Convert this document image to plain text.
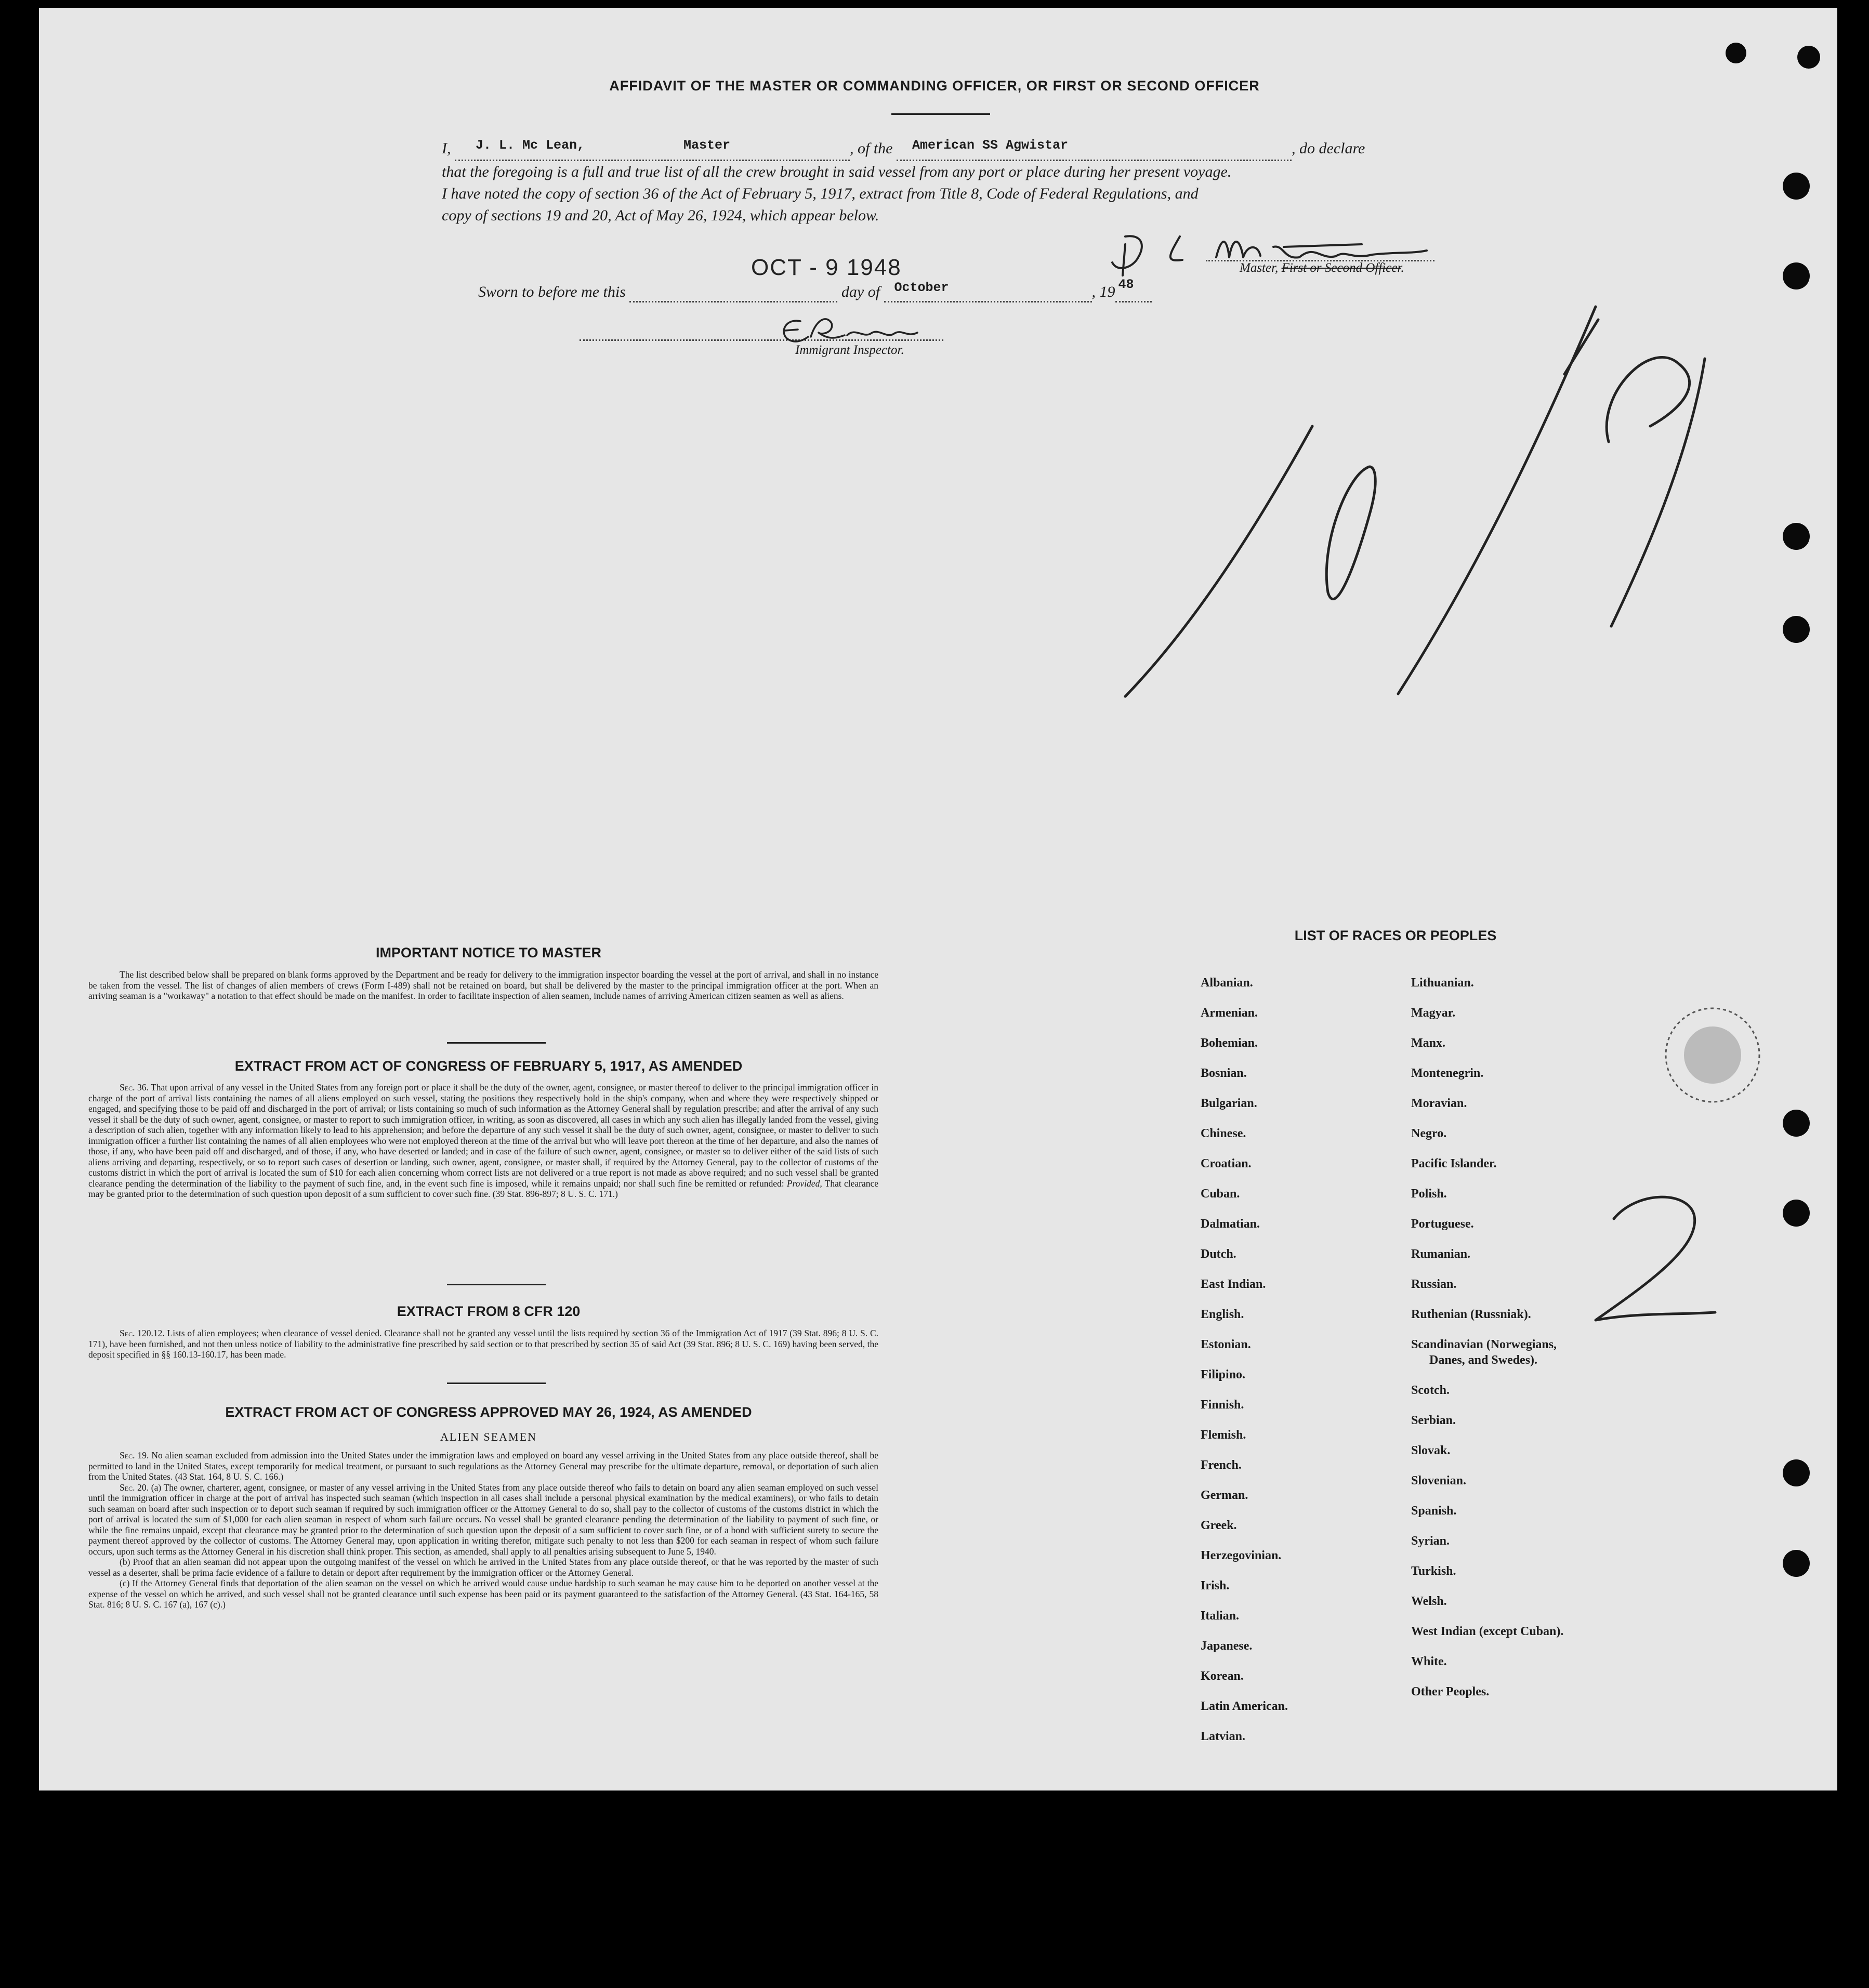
AFFIDAVIT OF THE MASTER OR COMMANDING OFFICER, OR FIRST OR SECOND OFFICER
I, J. L. Mc Lean,	Master	, of the American SS Agwistar	, do declare
that the foregoing is a full and true list of all the crew brought in said vessel from any port or place during her present voyage.
I have noted the copy of section 36 of the Act of February 5, 1917, extract from Title 8, Code of Federal Regulations, and
copy of sections 19 and 20, Act of May 26, 1924, which appear below.
Master, First or Second Officer.
OCT - 9 1948
Sworn to before me this	day of October	, 19 48

Immigrant Inspector.
IMPORTANT NOTICE TO MASTER

The list described below shall be prepared on blank forms approved by the Department and be ready for delivery to the immigration inspector boarding the vessel at the port of arrival, and shall in no instance be taken from the vessel. The list of changes of alien members of crews (Form I-489) shall not be retained on board, but shall be delivered by the master to the principal immigration officer at the port. When an arriving seaman is a "workaway" a notation to that effect should be made on the manifest. In order to facilitate inspection of alien seamen, include names of arriving American citizen seamen as well as aliens.

EXTRACT FROM ACT OF CONGRESS OF FEBRUARY 5, 1917, AS AMENDED

Sec. 36. That upon arrival of any vessel in the United States from any foreign port or place it shall be the duty of the owner, agent, consignee, or master thereof to deliver to the principal immigration officer in charge of the port of arrival lists containing the names of all aliens employed on such vessel, stating the positions they respectively hold in the ship's company, when and where they were respectively shipped or engaged, and specifying those to be paid off and discharged in the port of arrival; or lists containing so much of such information as the Attorney General shall by regulation prescribe; and after the arrival of any such vessel it shall be the duty of such owner, agent, consignee, or master to report to such immigration officer, in writing, as soon as discovered, all cases in which any such alien has illegally landed from the vessel, giving a description of such alien, together with any information likely to lead to his apprehension; and before the departure of any such vessel it shall be the duty of such owner, agent, consignee, or master to deliver to such immigration officer a further list containing the names of all alien employees who were not employed thereon at the time of the arrival but who will leave port thereon at the time of her departure, and also the names of those, if any, who have been paid off and discharged, and of those, if any, who have deserted or landed; and in case of the failure of such owner, agent, consignee, or master so to deliver either of the said lists of such aliens arriving and departing, respectively, or so to report such cases of desertion or landing, such owner, agent, consignee, or master shall, if required by the Attorney General, pay to the collector of customs of the customs district in which the port of arrival is located the sum of $10 for each alien concerning whom correct lists are not delivered or a true report is not made as above required; and no such vessel shall be granted clearance pending the determination of the liability to the payment of such fine, and, in the event such fine is imposed, while it remains unpaid; nor shall such fine be remitted or refunded: Provided, That clearance may be granted prior to the determination of such question upon deposit of a sum sufficient to cover such fine. (39 Stat. 896-897; 8 U. S. C. 171.)

EXTRACT FROM 8 CFR 120

Sec. 120.12. Lists of alien employees; when clearance of vessel denied. Clearance shall not be granted any vessel until the lists required by section 36 of the Immigration Act of 1917 (39 Stat. 896; 8 U. S. C. 171), have been furnished, and not then unless notice of liability to the administrative fine prescribed by said section or to that prescribed by section 35 of said Act (39 Stat. 896; 8 U. S. C. 169) having been served, the deposit specified in §§ 160.13-160.17, has been made.

EXTRACT FROM ACT OF CONGRESS APPROVED MAY 26, 1924, AS AMENDED
ALIEN SEAMEN

Sec. 19. No alien seaman excluded from admission into the United States under the immigration laws and employed on board any vessel arriving in the United States from any place outside thereof, shall be permitted to land in the United States, except temporarily for medical treatment, or pursuant to such regulations as the Attorney General may prescribe for the ultimate departure, removal, or deportation of such alien from the United States. (43 Stat. 164, 8 U. S. C. 166.)

Sec. 20. (a) The owner, charterer, agent, consignee, or master of any vessel arriving in the United States from any place outside thereof who fails to detain on board any alien seaman employed on such vessel until the immigration officer in charge at the port of arrival has inspected such seaman (which inspection in all cases shall include a personal physical examination by the medical examiners), or who fails to detain such seaman on board after such inspection or to deport such seaman if required by such immigration officer or the Attorney General to do so, shall pay to the collector of customs of the customs district in which the port of arrival is located the sum of $1,000 for each alien seaman in respect of whom such failure occurs. No vessel shall be granted clearance pending the determination of the liability to payment of such fine, or while the fine remains unpaid, except that clearance may be granted prior to the determination of such question upon the deposit of a sum sufficient to cover such fine, or of a bond with sufficient surety to secure the payment thereof approved by the collector of customs. The Attorney General may, upon application in writing therefor, mitigate such penalty to not less than $200 for each seaman in respect of whom such failure occurs, upon such terms as the Attorney General in his discretion shall think proper. This section, as amended, shall apply to all penalties arising subsequent to June 5, 1940.

(b) Proof that an alien seaman did not appear upon the outgoing manifest of the vessel on which he arrived in the United States from any place outside thereof, or that he was reported by the master of such vessel as a deserter, shall be prima facie evidence of a failure to detain or deport after requirement by the immigration officer or the Attorney General.

(c) If the Attorney General finds that deportation of the alien seaman on the vessel on which he arrived would cause undue hardship to such seaman he may cause him to be deported on another vessel at the expense of the vessel on which he arrived, and such vessel shall not be granted clearance until such expense has been paid or its payment guaranteed to the satisfaction of the Attorney General. (43 Stat. 164-165, 58 Stat. 816; 8 U. S. C. 167 (a), 167 (c).)

LIST OF RACES OR PEOPLES
Albanian.
Armenian.
Bohemian.
Bosnian.
Bulgarian.
Chinese.
Croatian.
Cuban.
Dalmatian.
Dutch.
East Indian.
English.
Estonian.
Filipino.
Finnish.
Flemish.
French.
German.
Greek.
Herzegovinian.
Irish.
Italian.
Japanese.
Korean.
Latin American.
Latvian.
Lithuanian.
Magyar.
Manx.
Montenegrin.
Moravian.
Negro.
Pacific Islander.
Polish.
Portuguese.
Rumanian.
Russian.
Ruthenian (Russniak).
Scandinavian (Norwegians,
Danes, and Swedes).
Scotch.
Serbian.
Slovak.
Slovenian.
Spanish.
Syrian.
Turkish.
Welsh.
West Indian (except Cuban).
White.
Other Peoples.
